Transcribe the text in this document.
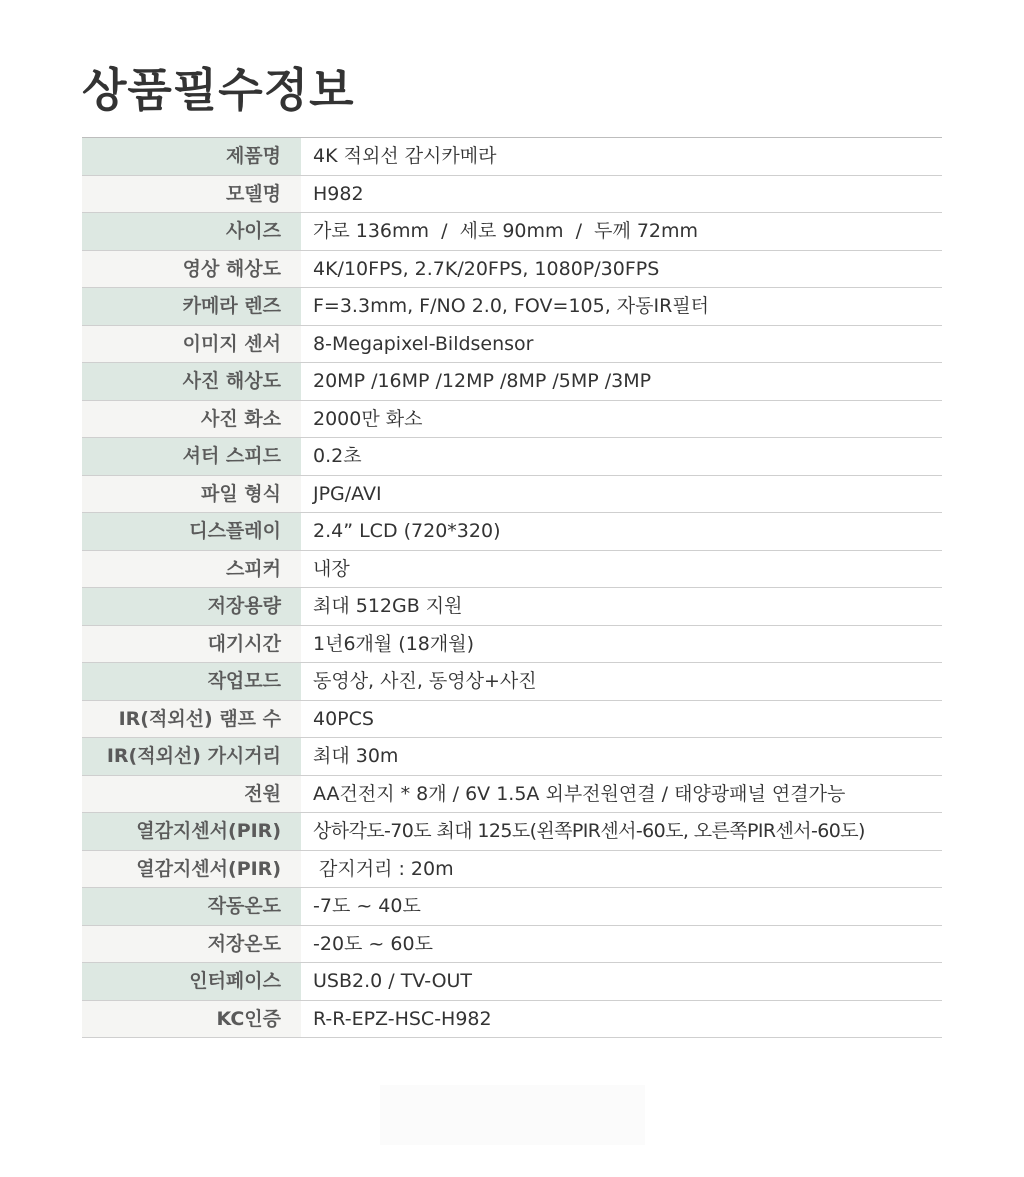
상품필수정보
제품명	4K 적외선 감시카메라
모델명	H982
사이즈	가로 136mm  /  세로 90mm  /  두께 72mm
영상 해상도	4K/10FPS, 2.7K/20FPS, 1080P/30FPS
카메라 렌즈	F=3.3mm, F/NO 2.0, FOV=105, 자동IR필터
이미지 센서	8-Megapixel-Bildsensor
사진 해상도	20MP /16MP /12MP /8MP /5MP /3MP
사진 화소	2000만 화소
셔터 스피드	0.2초
파일 형식	JPG/AVI
디스플레이	2.4” LCD (720*320)
스피커	내장
저장용량	최대 512GB 지원
대기시간	1년6개월 (18개월)
작업모드	동영상, 사진, 동영상+사진
IR(적외선) 램프 수	40PCS
IR(적외선) 가시거리	최대 30m
전원	AA건전지 * 8개 / 6V 1.5A 외부전원연결 / 태양광패널 연결가능
열감지센서(PIR)	상하각도-70도 최대 125도(왼쪽PIR센서-60도, 오른쪽PIR센서-60도)
열감지센서(PIR)	감지거리 : 20m
작동온도	-7도 ~ 40도
저장온도	-20도 ~ 60도
인터페이스	USB2.0 / TV-OUT
KC인증	R-R-EPZ-HSC-H982
